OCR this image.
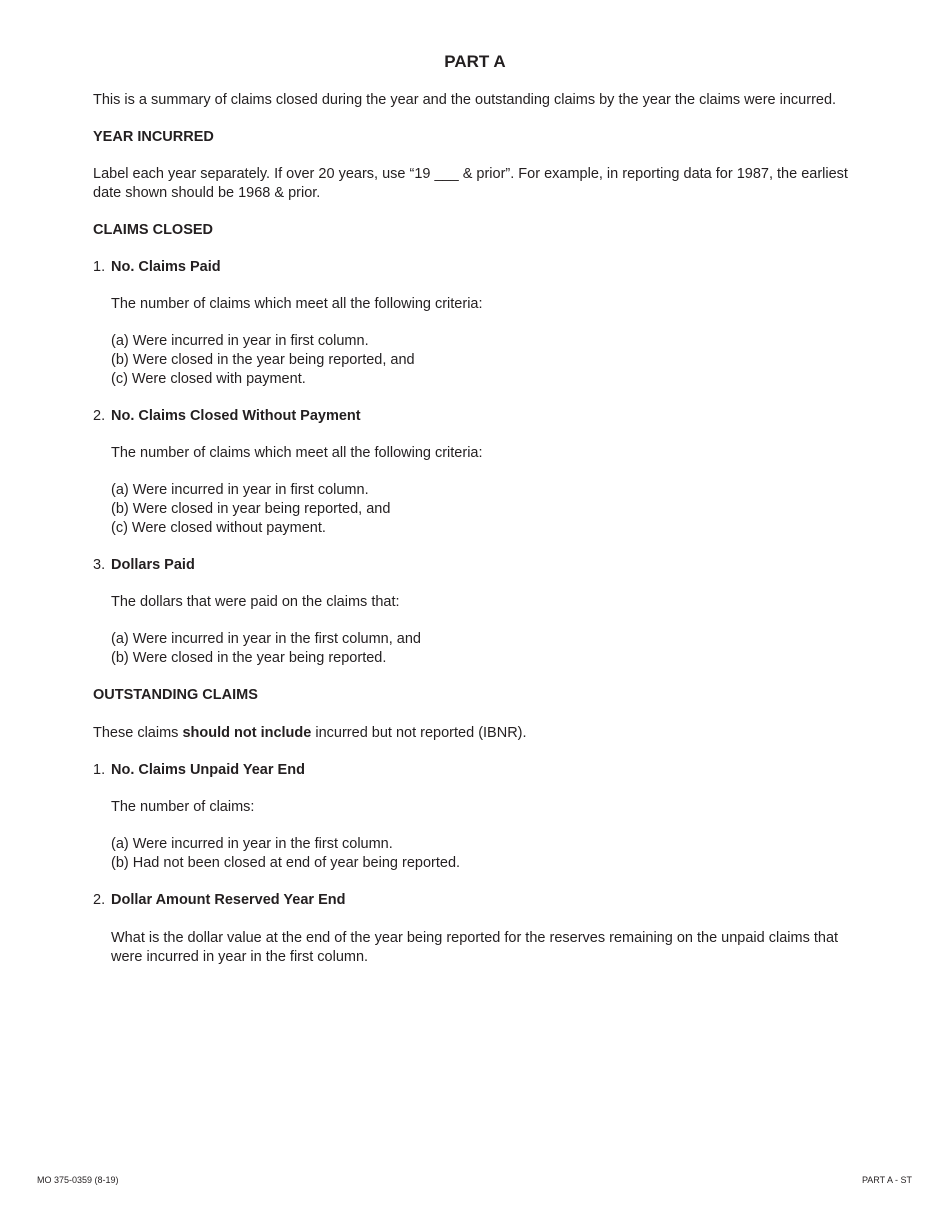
PART A
This is a summary of claims closed during the year and the outstanding claims by the year the claims were incurred.
YEAR INCURRED
Label each year separately. If over 20 years, use “19 ___ & prior”. For example, in reporting data for 1987, the earliest date shown should be 1968 & prior.
CLAIMS CLOSED
1. No. Claims Paid
The number of claims which meet all the following criteria:
(a) Were incurred in year in first column.
(b) Were closed in the year being reported, and
(c) Were closed with payment.
2. No. Claims Closed Without Payment
The number of claims which meet all the following criteria:
(a) Were incurred in year in first column.
(b) Were closed in year being reported, and
(c) Were closed without payment.
3. Dollars Paid
The dollars that were paid on the claims that:
(a) Were incurred in year in the first column, and
(b) Were closed in the year being reported.
OUTSTANDING CLAIMS
These claims should not include incurred but not reported (IBNR).
1. No. Claims Unpaid Year End
The number of claims:
(a) Were incurred in year in the first column.
(b) Had not been closed at end of year being reported.
2. Dollar Amount Reserved Year End
What is the dollar value at the end of the year being reported for the reserves remaining on the unpaid claims that were incurred in year in the first column.
MO 375-0359 (8-19)	PART A - ST
